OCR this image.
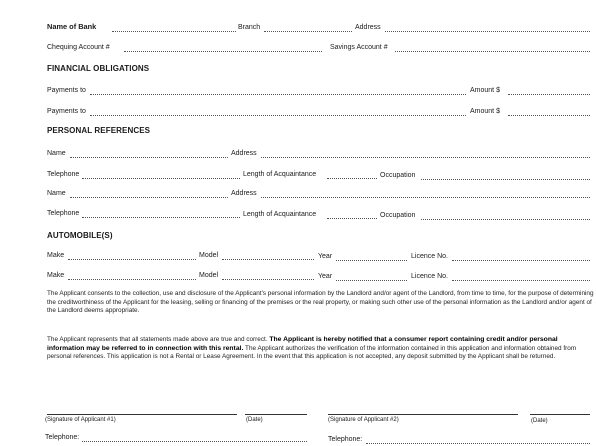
Name of Bank	Branch	Address
Chequing Account #	Savings Account #
FINANCIAL OBLIGATIONS
Payments to	Amount $
Payments to	Amount $
PERSONAL REFERENCES
Name	Address
Telephone	Length of Acquaintance	Occupation
Name	Address
Telephone	Length of Acquaintance	Occupation
AUTOMOBILE(S)
Make	Model	Year	Licence No.
Make	Model	Year	Licence No.

The Applicant consents to the collection, use and disclosure of the Applicant's personal information by the Landlord and/or agent of the Landlord, from time to time, for the purpose of determining the creditworthiness of the Applicant for the leasing, selling or financing of the premises or the real property, or making such other use of the personal information as the Landlord and/or agent of the Landlord deems appropriate.

The Applicant represents that all statements made above are true and correct. The Applicant is hereby notified that a consumer report containing credit and/or personal information may be referred to in connection with this rental. The Applicant authorizes the verification of the information contained in this application and information obtained from personal references. This application is not a Rental or Lease Agreement. In the event that this application is not accepted, any deposit submitted by the Applicant shall be returned.

(Signature of Applicant #1)	(Date)	(Signature of Applicant #2)	(Date)
Telephone:	Telephone:
